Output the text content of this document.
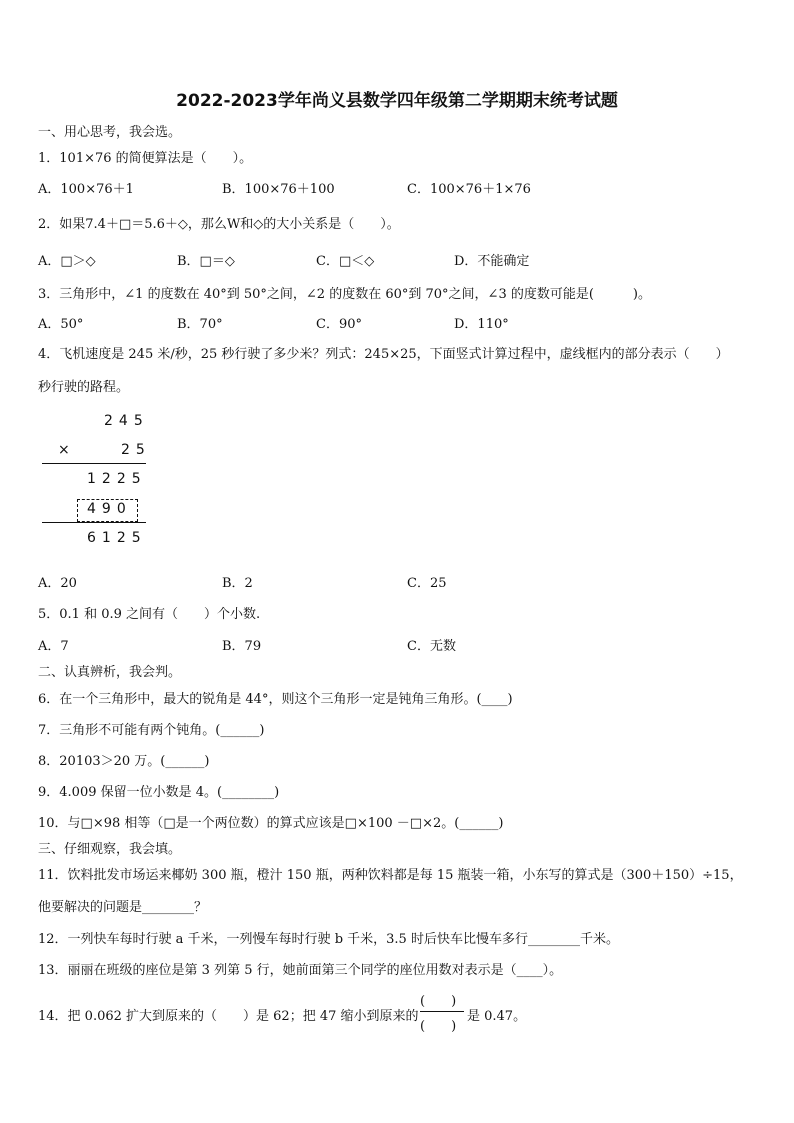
2022-2023学年尚义县数学四年级第二学期期末统考试题
一、用心思考，我会选。
1．101×76 的简便算法是（　　）。
A．100×76＋1	B．100×76＋100	C．100×76＋1×76
2．如果7.4＋□＝5.6＋◇，那么W和◇的大小关系是（　　）。
A．□＞◇	B．□＝◇	C．□＜◇	D．不能确定
3．三角形中，∠1 的度数在 40°到 50°之间，∠2 的度数在 60°到 70°之间，∠3 的度数可能是(　　　)。
A．50°	B．70°	C．90°	D．110°
4．飞机速度是 245 米/秒，25 秒行驶了多少米？列式：245×25，下面竖式计算过程中，虚线框内的部分表示（　　）
秒行驶的路程。
245
×	25
1225
490
6125
A．20	B．2	C．25
5．0.1 和 0.9 之间有（　　）个小数.
A．7	B．79	C．无数
二、认真辨析，我会判。
6．在一个三角形中，最大的锐角是 44°，则这个三角形一定是钝角三角形。(____)
7．三角形不可能有两个钝角。(______)
8．20103＞20 万。(______)
9．4.009 保留一位小数是 4。(________)
10．与□×98 相等（□是一个两位数）的算式应该是□×100 －□×2。(______)
三、仔细观察，我会填。
11．饮料批发市场运来椰奶 300 瓶，橙汁 150 瓶，两种饮料都是每 15 瓶装一箱，小东写的算式是（300＋150）÷15，
他要解决的问题是________？
12．一列快车每时行驶 a 千米，一列慢车每时行驶 b 千米，3.5 时后快车比慢车多行________千米。
13．丽丽在班级的座位是第 3 列第 5 行，她前面第三个同学的座位用数对表示是（____）。
14．把 0.062 扩大到原来的（　　）是 62；把 47 缩小到原来的
(　　)
(　　)
是 0.47。
